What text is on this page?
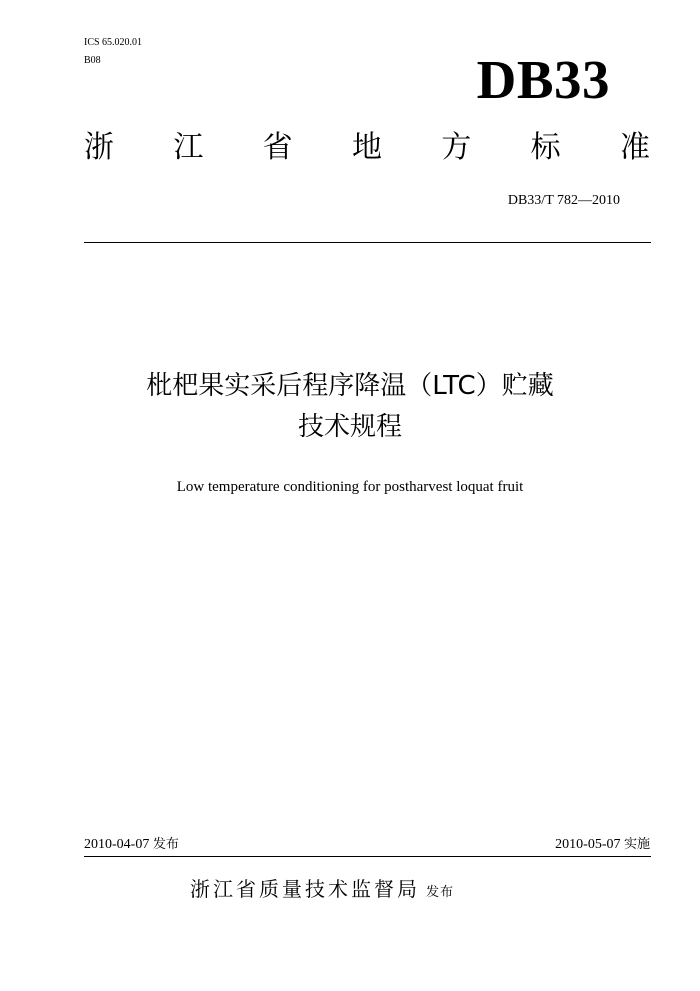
ICS 65.020.01
B08	DB33
浙 江 省 地 方 标 准
DB33/T 782—2010
枇杷果实采后程序降温（LTC）贮藏
技术规程
Low temperature conditioning for postharvest loquat fruit
2010-04-07 发布	2010-05-07 实施
浙江省质量技术监督局 发布
